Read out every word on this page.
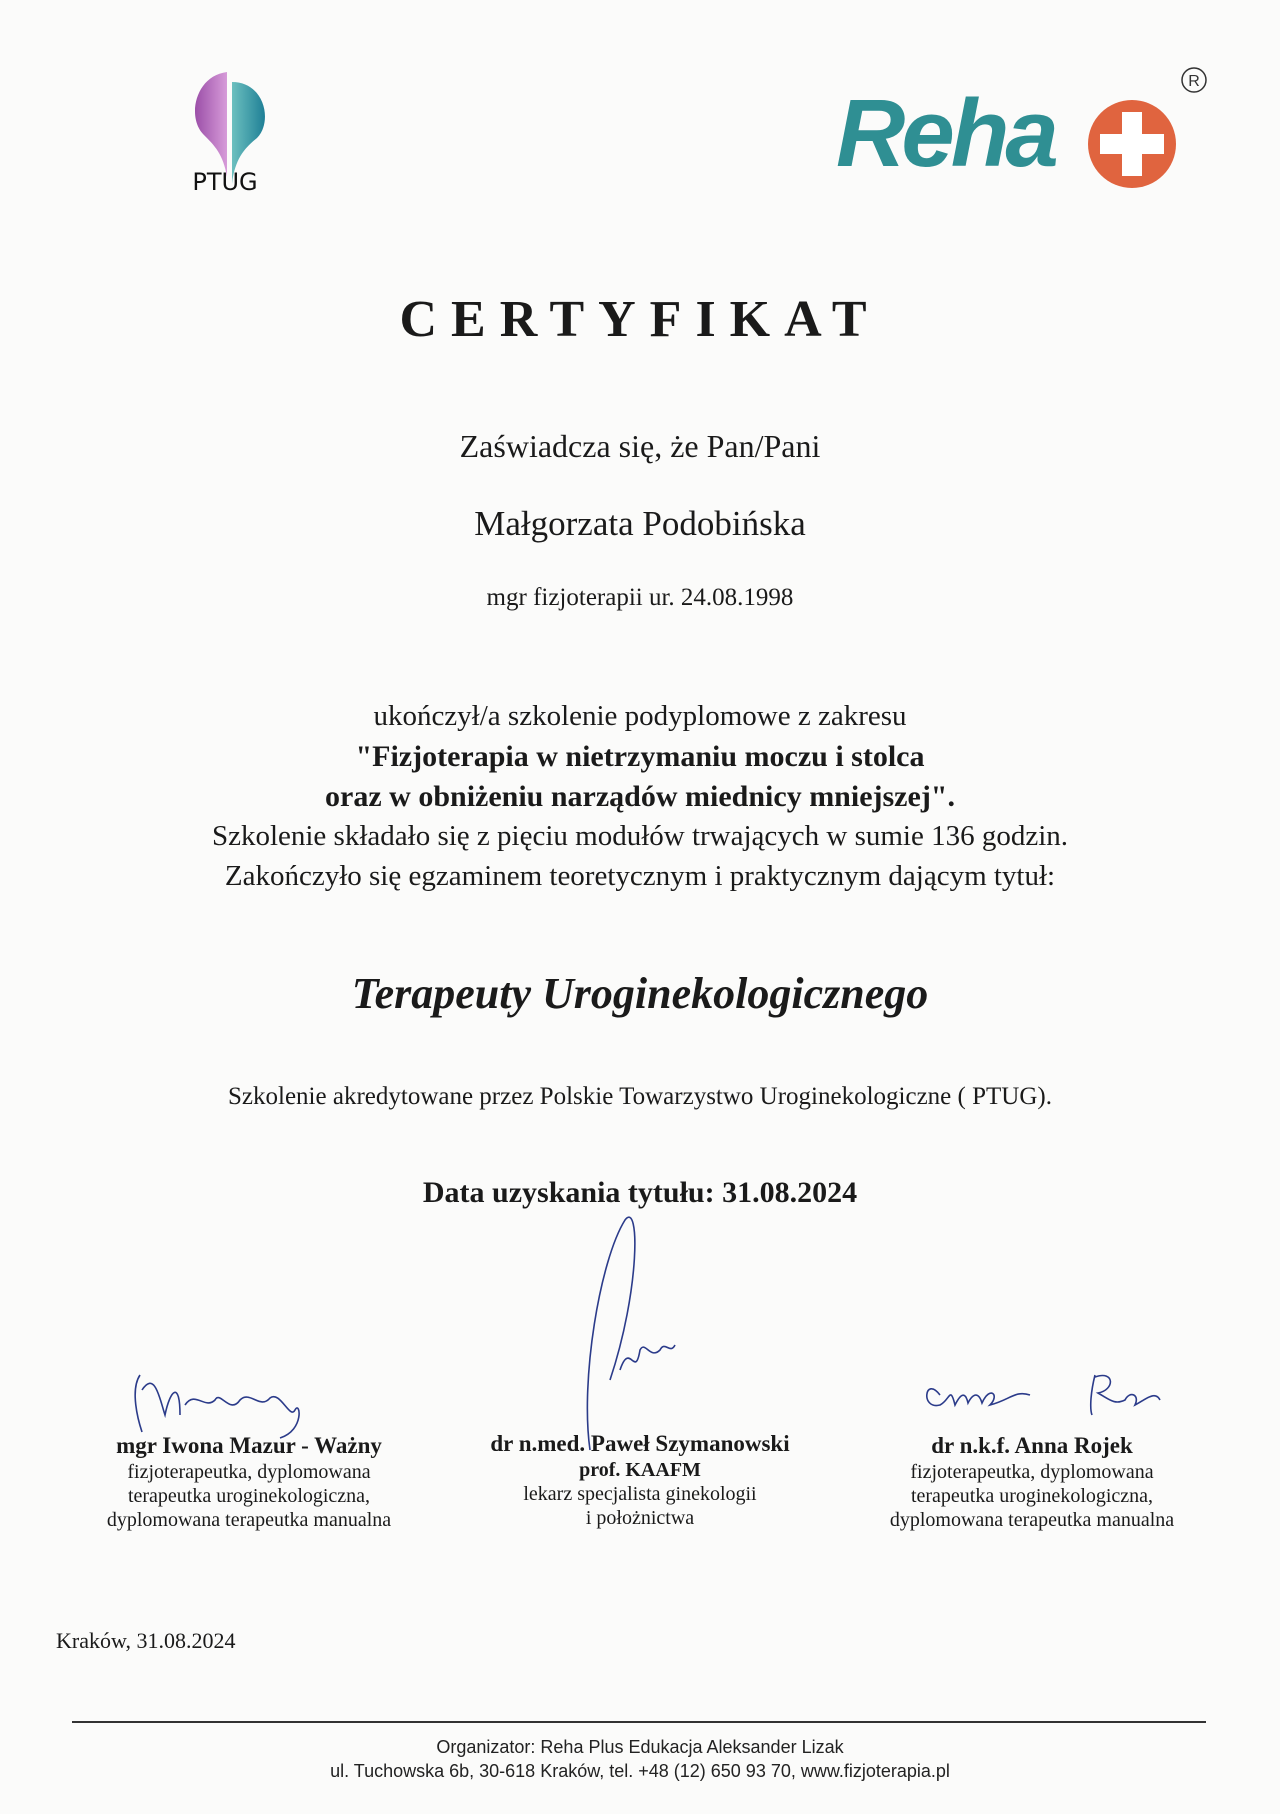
PTUG	Reha	R
CERTYFIKAT
Zaświadcza się, że Pan/Pani
Małgorzata Podobińska
mgr fizjoterapii ur. 24.08.1998
ukończył/a szkolenie podyplomowe z zakresu
"Fizjoterapia w nietrzymaniu moczu i stolca
oraz w obniżeniu narządów miednicy mniejszej".
Szkolenie składało się z pięciu modułów trwających w sumie 136 godzin.
Zakończyło się egzaminem teoretycznym i praktycznym dającym tytuł:
Terapeuty Uroginekologicznego
Szkolenie akredytowane przez Polskie Towarzystwo Uroginekologiczne ( PTUG).
Data uzyskania tytułu: 31.08.2024
mgr Iwona Mazur - Ważny
fizjoterapeutka, dyplomowana
terapeutka uroginekologiczna,
dyplomowana terapeutka manualna
dr n.med. Paweł Szymanowski
prof. KAAFM
lekarz specjalista ginekologii
i położnictwa
dr n.k.f. Anna Rojek
fizjoterapeutka, dyplomowana
terapeutka uroginekologiczna,
dyplomowana terapeutka manualna
Kraków, 31.08.2024
Organizator: Reha Plus Edukacja Aleksander Lizak
ul. Tuchowska 6b, 30-618 Kraków, tel. +48 (12) 650 93 70, www.fizjoterapia.pl
